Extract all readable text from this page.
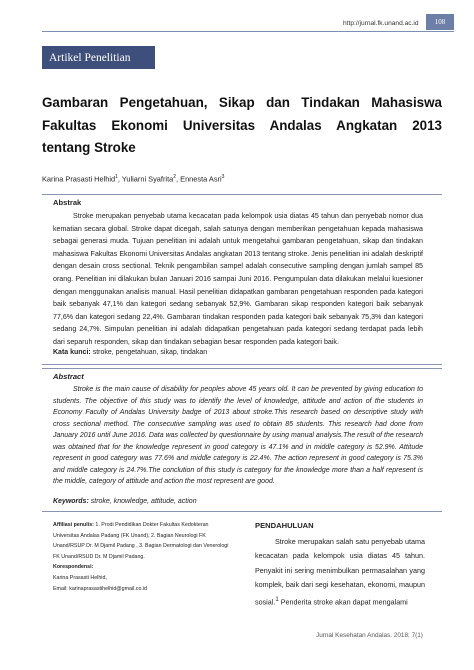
http://jurnal.fk.unand.ac.id	108
Artikel Penelitian
Gambaran Pengetahuan, Sikap dan Tindakan Mahasiswa
Fakultas Ekonomi Universitas Andalas Angkatan 2013
tentang Stroke
Karina Prasasti Helhid$^1$, Yuliarni Syafrita$^2$, Ennesta Asri$^3$
Abstrak

Stroke merupakan penyebab utama kecacatan pada kelompok usia diatas 45 tahun dan penyebab nomor dua kematian secara global. Stroke dapat dicegah, salah satunya dengan memberikan pengetahuan kepada mahasiswa sebagai generasi muda. Tujuan penelitian ini adalah untuk mengetahui gambaran pengetahuan, sikap dan tindakan mahasiswa Fakultas Ekonomi Universitas Andalas angkatan 2013 tentang stroke. Jenis penelitian ini adalah deskriptif dengan desain cross sectional. Teknik pengambilan sampel adalah consecutive sampling dengan jumlah sampel 85 orang. Penelitian ini dilakukan bulan Januari 2016 sampai Juni 2016. Pengumpulan data dilakukan melalui kuesioner dengan menggunakan analisis manual. Hasil penelitian didapatkan gambaran pengetahuan responden pada kategori baik sebanyak 47,1% dan kategori sedang sebanyak 52,9%. Gambaran sikap responden kategori baik sebanyak 77,6% dan kategori sedang 22,4%. Gambaran tindakan responden pada kategori baik sebanyak 75,3% dan kategori sedang 24,7%. Simpulan penelitian ini adalah didapatkan pengetahuan pada kategori sedang terdapat pada lebih dari separuh responden, sikap dan tindakan sebagian besar responden pada kategori baik.

Kata kunci: stroke, pengetahuan, sikap, tindakan
Abstract

Stroke is the main cause of disability for peoples above 45 years old. It can be prevented by giving education to students. The objective of this study was to identify the level of knowledge, attitude and action of the students in Economy Faculty of Andalas University badge of 2013 about stroke.This research based on descriptive study with cross sectional method. The consecutive sampling was used to obtain 85 students. This research had done from January 2016 until June 2016. Data was collected by questionnaire by using manual analysis.The result of the research was obtained that for the knowledge represent in good category is 47.1% and in middle category is 52.9%. Attitude represent in good category was 77.6% and middle category is 22.4%. The action represent in good category is 75.3% and middle category is 24.7%.The conclution of this study is category for the knowledge more than a half represent is the middle, category of attitude and action the most represent are good.

Keywords: stroke, knowledge, attitude, action
Affiliasi penulis: 1. Prodi Pendidikan Dokter Fakultas Kedokteran Universitas Andalas Padang (FK Unand), 2. Bagian Neurologi FK Unand/RSUP Dr. M Djamil Padang , 3. Bagian Dermatologi dan Venerologi FK Unand/RSUD Dr. M Djamil Padang.
Korespondensi:
Karina Prasasti Helhid,
Email: karinaprasastihelhid@gmail.co.id
PENDAHULUAN

Stroke merupakan salah satu penyebab utama kecacatan pada kelompok usia diatas 45 tahun. Penyakit ini sering menimbulkan permasalahan yang komplek, baik dari segi kesehatan, ekonomi, maupun sosial.$^1$ Penderita stroke akan dapat mengalami

Jurnal Kesehatan Andalas. 2018; 7(1)
